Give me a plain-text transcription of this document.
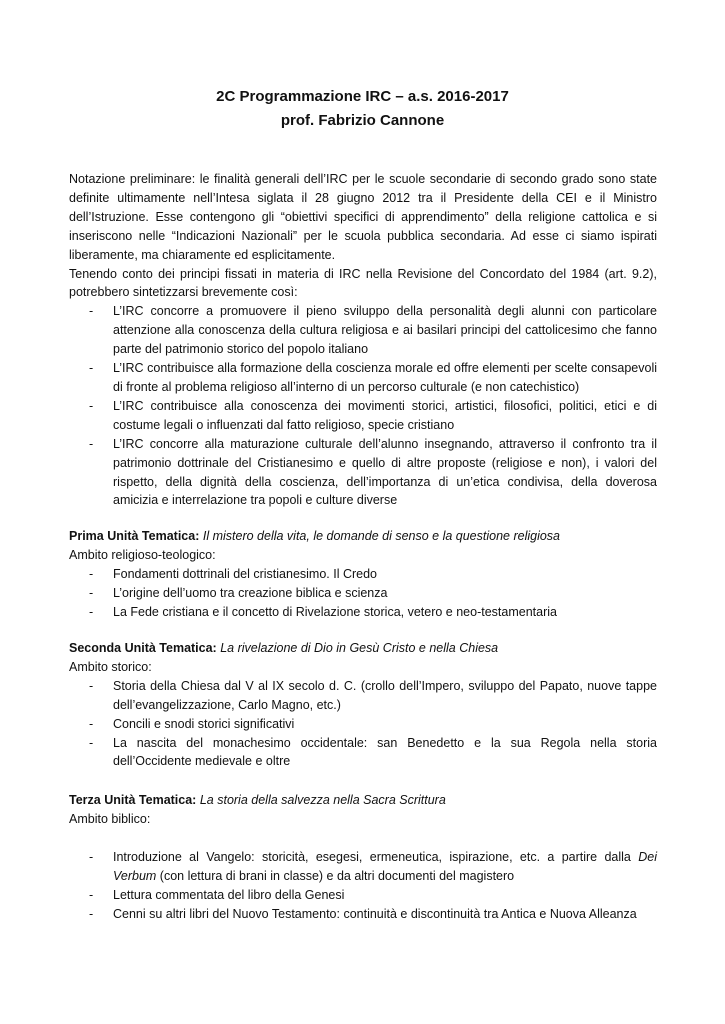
2C Programmazione IRC – a.s. 2016-2017
prof. Fabrizio Cannone

Notazione preliminare: le finalità generali dell’IRC per le scuole secondarie di secondo grado sono state definite ultimamente nell’Intesa siglata il 28 giugno 2012 tra il Presidente della CEI e il Ministro dell’Istruzione. Esse contengono gli “obiettivi specifici di apprendimento” della religione cattolica e si inseriscono nelle “Indicazioni Nazionali” per le scuola pubblica secondaria. Ad esse ci siamo ispirati liberamente, ma chiaramente ed esplicitamente.

Tenendo conto dei principi fissati in materia di IRC nella Revisione del Concordato del 1984 (art. 9.2), potrebbero sintetizzarsi brevemente così:

- L’IRC concorre a promuovere il pieno sviluppo della personalità degli alunni con particolare attenzione alla conoscenza della cultura religiosa e ai basilari principi del cattolicesimo che fanno parte del patrimonio storico del popolo italiano
- L’IRC contribuisce alla formazione della coscienza morale ed offre elementi per scelte consapevoli di fronte al problema religioso all’interno di un percorso culturale (e non catechistico)
- L’IRC contribuisce alla conoscenza dei movimenti storici, artistici, filosofici, politici, etici e di costume legali o influenzati dal fatto religioso, specie cristiano
- L’IRC concorre alla maturazione culturale dell’alunno insegnando, attraverso il confronto tra il patrimonio dottrinale del Cristianesimo e quello di altre proposte (religiose e non), i valori del rispetto, della dignità della coscienza, dell’importanza di un’etica condivisa, della doverosa amicizia e interrelazione tra popoli e culture diverse

Prima Unità Tematica: Il mistero della vita, le domande di senso e la questione religiosa

Ambito religioso-teologico:

- Fondamenti dottrinali del cristianesimo. Il Credo
- L’origine dell’uomo tra creazione biblica e scienza
- La Fede cristiana e il concetto di Rivelazione storica, vetero e neo-testamentaria

Seconda Unità Tematica: La rivelazione di Dio in Gesù Cristo e nella Chiesa

Ambito storico:

- Storia della Chiesa dal V al IX secolo d. C. (crollo dell’Impero, sviluppo del Papato, nuove tappe dell’evangelizzazione, Carlo Magno, etc.)
- Concili e snodi storici significativi
- La nascita del monachesimo occidentale: san Benedetto e la sua Regola nella storia dell’Occidente medievale e oltre

Terza Unità Tematica: La storia della salvezza nella Sacra Scrittura

Ambito biblico:

- Introduzione al Vangelo: storicità, esegesi, ermeneutica, ispirazione, etc. a partire dalla Dei Verbum (con lettura di brani in classe) e da altri documenti del magistero
- Lettura commentata del libro della Genesi
- Cenni su altri libri del Nuovo Testamento: continuità e discontinuità tra Antica e Nuova Alleanza
